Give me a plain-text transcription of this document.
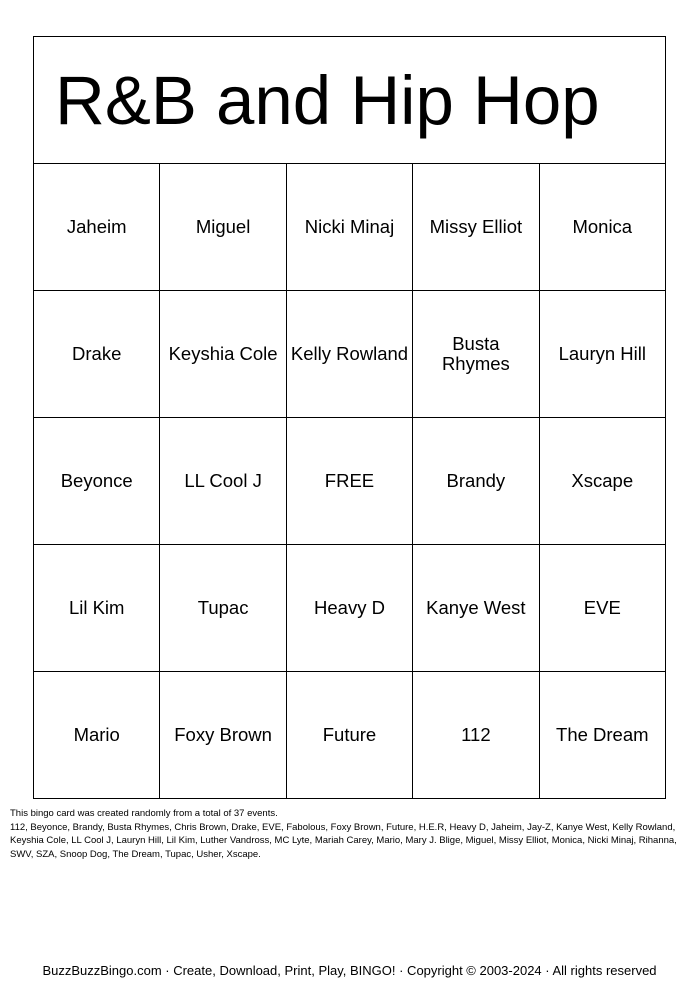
R&B and Hip Hop				

Jaheim	Miguel	Nicki Minaj	Missy Elliot	Monica

Drake	Keyshia Cole	Kelly Rowland	Busta Rhymes	Lauryn Hill

Beyonce	LL Cool J	FREE	Brandy	Xscape

Lil Kim	Tupac	Heavy D	Kanye West	EVE

Mario	Foxy Brown	Future	112	The Dream
This bingo card was created randomly from a total of 37 events.
112, Beyonce, Brandy, Busta Rhymes, Chris Brown, Drake, EVE, Fabolous, Foxy Brown, Future, H.E.R, Heavy D, Jaheim, Jay-Z, Kanye West, Kelly Rowland, Keyshia Cole, LL Cool J, Lauryn Hill, Lil Kim, Luther Vandross, MC Lyte, Mariah Carey, Mario, Mary J. Blige, Miguel, Missy Elliot, Monica, Nicki Minaj, Rihanna, SWV, SZA, Snoop Dog, The Dream, Tupac, Usher, Xscape.
BuzzBuzzBingo.com · Create, Download, Print, Play, BINGO! · Copyright © 2003-2024 · All rights reserved
